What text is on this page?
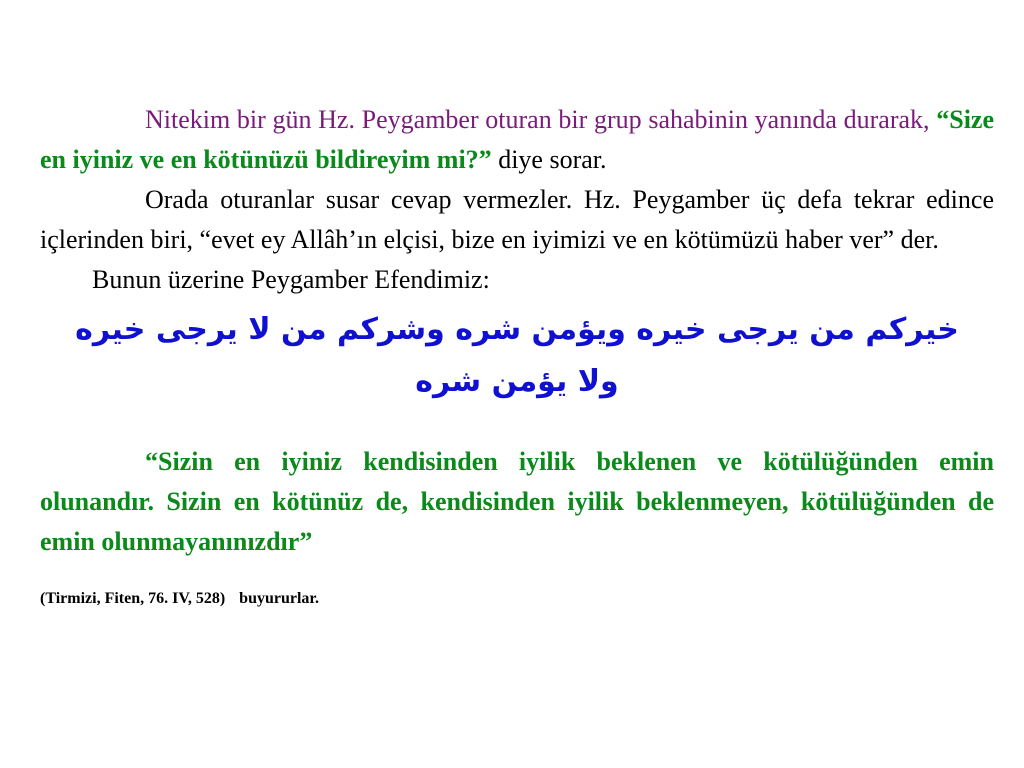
Nitekim bir gün Hz. Peygamber oturan bir grup sahabinin yanında durarak, “Size en iyiniz ve en kötünüzü bildireyim mi?” diye sorar.

Orada oturanlar susar cevap vermezler. Hz. Peygamber üç defa tekrar edince içlerinden biri, “evet ey Allâh’ın elçisi, bize en iyimizi ve en kötümüzü haber ver” der.

Bunun üzerine Peygamber Efendimiz:

خيركم من يرجى خيره ويؤمن شره وشركم من لا يرجى خيره
ولا يؤمن شره

“Sizin en iyiniz kendisinden iyilik beklenen ve kötülüğünden emin olunandır. Sizin en kötünüz de, kendisinden iyilik beklenmeyen, kötülüğünden de emin olunmayanınızdır”

(Tirmizi, Fiten, 76. IV, 528) buyururlar.
